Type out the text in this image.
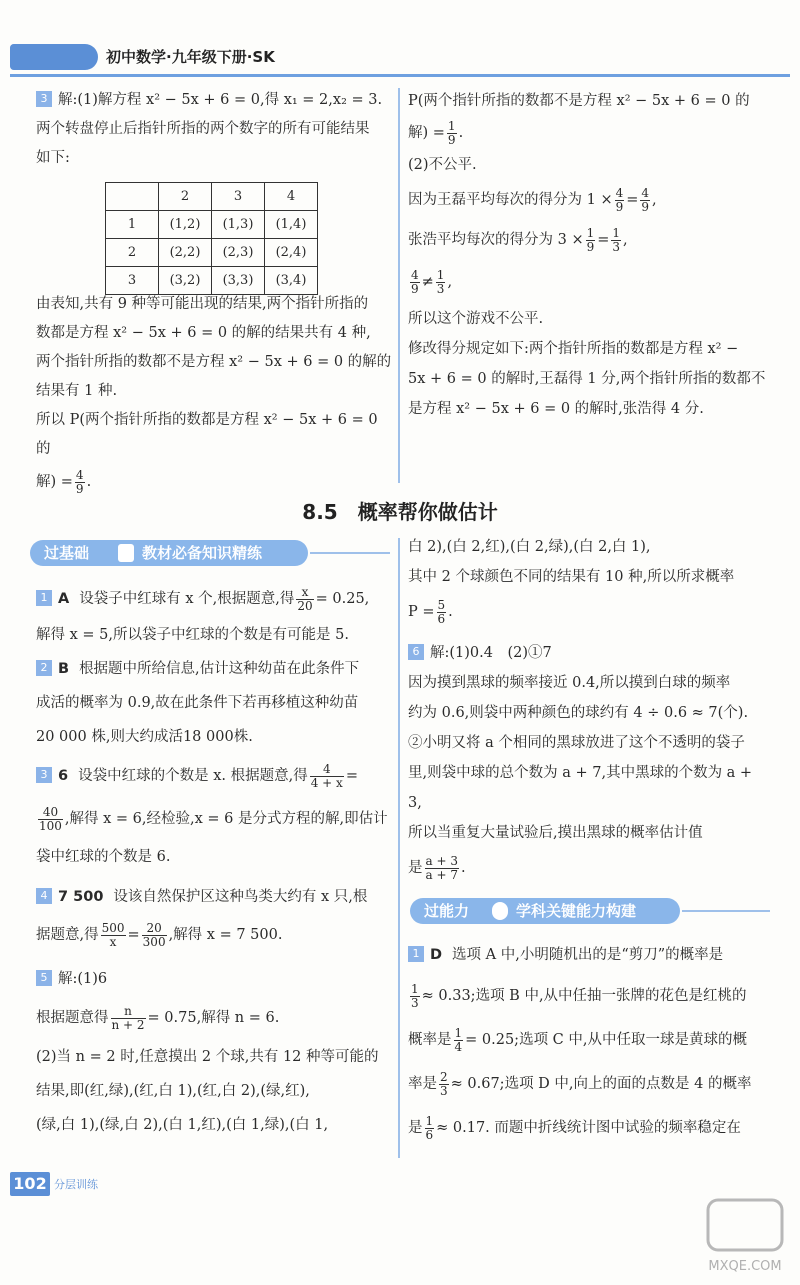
初中数学·九年级下册·SK

3 解:(1)解方程 x² − 5x + 6 = 0,得 x₁ = 2,x₂ = 3.

两个转盘停止后指针所指的两个数字的所有可能结果

如下:

	2	3	4
1	(1,2)	(1,3)	(1,4)
2	(2,2)	(2,3)	(2,4)
3	(3,2)	(3,3)	(3,4)

由表知,共有 9 种等可能出现的结果,两个指针所指的

数都是方程 x² − 5x + 6 = 0 的解的结果共有 4 种,

两个指针所指的数都不是方程 x² − 5x + 6 = 0 的解的

结果有 1 种.

所以 P(两个指针所指的数都是方程 x² − 5x + 6 = 0 的

解) = $\frac{4}{9}$ .

P(两个指针所指的数都不是方程 x² − 5x + 6 = 0 的

解) = $\frac{1}{9}$ .

(2)不公平.

因为王磊平均每次的得分为 $1 \times \frac{4}{9} = \frac{4}{9}$ ,

张浩平均每次的得分为 $3 \times \frac{1}{9} = \frac{1}{3}$ ,

$\frac{4}{9} \ne \frac{1}{3}$ ,

所以这个游戏不公平.

修改得分规定如下:两个指针所指的数都是方程 x² −

5x + 6 = 0 的解时,王磊得 1 分,两个指针所指的数都不

是方程 x² − 5x + 6 = 0 的解时,张浩得 4 分.

8.5　概率帮你做估计
过基础	教材必备知识精练

1 A 设袋子中红球有 x 个,根据题意,得 $\frac{x}{20} = 0.25$,

解得 x = 5,所以袋子中红球的个数是有可能是 5.

2 B 根据题中所给信息,估计这种幼苗在此条件下

成活的概率为 0.9,故在此条件下若再移植这种幼苗

20 000 株,则大约成活18 000株.

3 6 设袋中红球的个数是 x. 根据题意,得 $\frac{4}{4 + x}$ =

$\frac{40}{100}$ ,解得 x = 6,经检验,x = 6 是分式方程的解,即估计

袋中红球的个数是 6.

4 7 500 设该自然保护区这种鸟类大约有 x 只,根

据题意,得 $\frac{500}{x} = \frac{20}{300}$ ,解得 x = 7 500.

5 解:(1)6

根据题意得 $\frac{n}{n + 2} = 0.75$,解得 n = 6.

(2)当 n = 2 时,任意摸出 2 个球,共有 12 种等可能的

结果,即(红,绿),(红,白 1),(红,白 2),(绿,红),

(绿,白 1),(绿,白 2),(白 1,红),(白 1,绿),(白 1,

白 2),(白 2,红),(白 2,绿),(白 2,白 1),

其中 2 个球颜色不同的结果有 10 种,所以所求概率

$P = \frac{5}{6}$ .

6 解:(1)0.4　(2)①7

因为摸到黑球的频率接近 0.4,所以摸到白球的频率

约为 0.6,则袋中两种颜色的球约有 4 ÷ 0.6 ≈ 7(个).

②小明又将 a 个相同的黑球放进了这个不透明的袋子

里,则袋中球的总个数为 a + 7,其中黑球的个数为 a + 3,

所以当重复大量试验后,摸出黑球的概率估计值

是 $\frac{a + 3}{a + 7}$ .

过能力	学科关键能力构建

1 D 选项 A 中,小明随机出的是“剪刀”的概率是

$\frac{1}{3} \approx 0.33$;选项 B 中,从中任抽一张牌的花色是红桃的

概率是 $\frac{1}{4} = 0.25$;选项 C 中,从中任取一球是黄球的概

率是 $\frac{2}{3} \approx 0.67$;选项 D 中,向上的面的点数是 4 的概率

是 $\frac{1}{6} \approx 0.17$. 而题中折线统计图中试验的频率稳定在

102 分层训练
MXQE.COM
